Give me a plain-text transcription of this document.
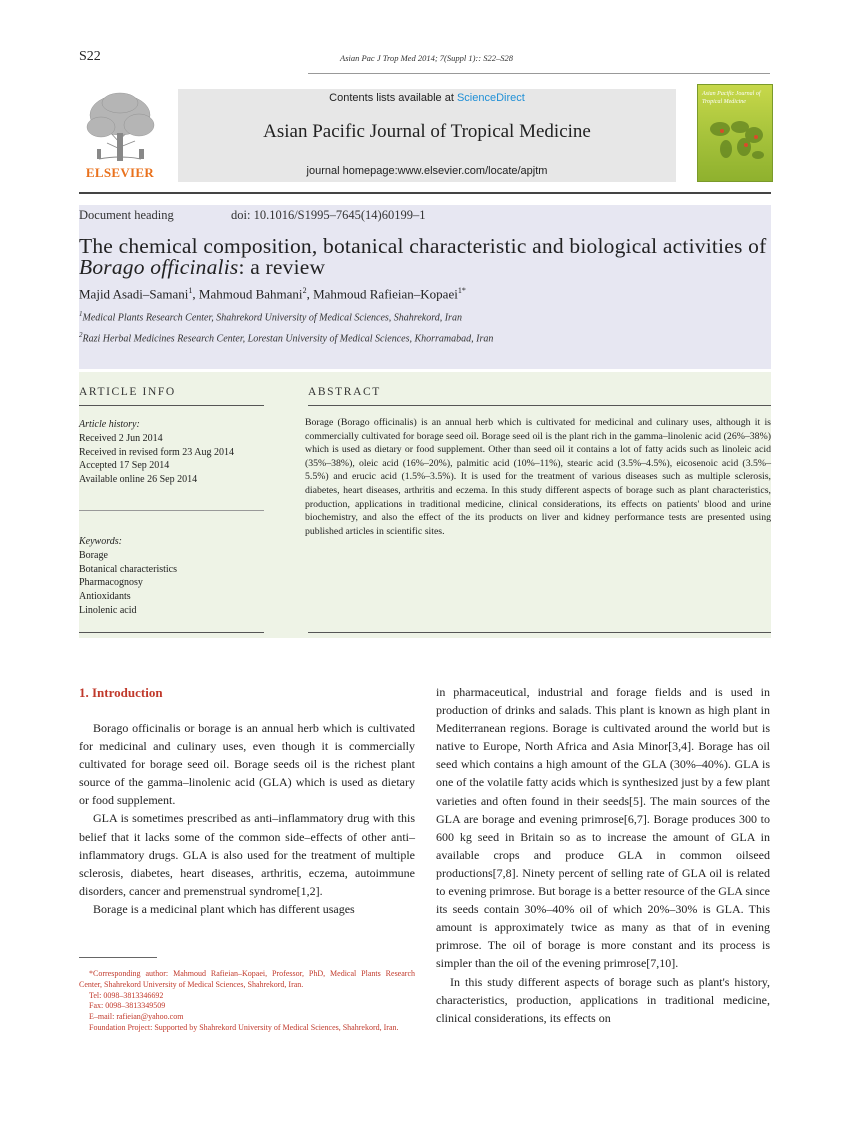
S22	Asian Pac J Trop Med 2014; 7(Suppl 1):: S22–S28
ELSEVIER
Contents lists available at ScienceDirect
Asian Pacific Journal of Tropical Medicine
journal homepage:www.elsevier.com/locate/apjtm
Asian Pacific Journal of Tropical Medicine
Document heading	doi: 10.1016/S1995–7645(14)60199–1
The chemical composition, botanical characteristic and biological activities of Borago officinalis: a review
Majid Asadi–Samani$^1$, Mahmoud Bahmani$^2$, Mahmoud Rafieian–Kopaei$^{1*}$
$^1$Medical Plants Research Center, Shahrekord University of Medical Sciences, Shahrekord, Iran
$^2$Razi Herbal Medicines Research Center, Lorestan University of Medical Sciences, Khorramabad, Iran
ARTICLE INFO	ABSTRACT
Article history:
Received 2 Jun 2014
Received in revised form 23 Aug 2014
Accepted 17 Sep 2014
Available online 26 Sep 2014
Keywords:
Borage
Botanical characteristics
Pharmacognosy
Antioxidants
Linolenic acid
Borage (Borago officinalis) is an annual herb which is cultivated for medicinal and culinary uses, although it is commercially cultivated for borage seed oil. Borage seed oil is the plant rich in the gamma–linolenic acid (26%–38%) which is used as dietary or food supplement. Other than seed oil it contains a lot of fatty acids such as linoleic acid (35%–38%), oleic acid (16%–20%), palmitic acid (10%–11%), stearic acid (3.5%–4.5%), eicosenoic acid (3.5%–5.5%) and erucic acid (1.5%–3.5%). It is used for the treatment of various diseases such as multiple sclerosis, diabetes, heart diseases, arthritis and eczema. In this study different aspects of borage such as plant characteristics, production, applications in traditional medicine, clinical considerations, its effects on patients' blood and urine biochemistry, and also the effect of the its products on liver and kidney performance tests are presented using published articles in scientific sites.
1. Introduction

Borago officinalis or borage is an annual herb which is cultivated for medicinal and culinary uses, even though it is commercially cultivated for borage seed oil. Borage seeds oil is the richest plant source of the gamma–linolenic acid (GLA) which is used as dietary or food supplement.

GLA is sometimes prescribed as anti–inflammatory drug with this belief that it lacks some of the common side–effects of other anti–inflammatory drugs. GLA is also used for the treatment of multiple sclerosis, diabetes, heart diseases, arthritis, eczema, autoimmune disorders, cancer and premenstrual syndrome[1,2].

Borage is a medicinal plant which has different usages

in pharmaceutical, industrial and forage fields and is used in production of drinks and salads. This plant is known as high plant in Mediterranean regions. Borage is cultivated around the world but is native to Europe, North Africa and Asia Minor[3,4]. Borage has oil seed which contains a high amount of the GLA (30%–40%). GLA is one of the volatile fatty acids which is synthesized just by a few plant varieties and often found in their seeds[5]. The main sources of the GLA are borage and evening primrose[6,7]. Borage produces 300 to 600 kg seed in Britain so as to increase the amount of GLA in available crops and produce GLA in common oilseed productions[7,8]. Ninety percent of selling rate of GLA oil is related to evening primrose. But borage is a better resource of the GLA since its seeds contain 30%–40% oil of which 20%–30% is GLA. This amount is approximately twice as many as that of in evening primrose. The oil of borage is more constant and its process is simpler than the oil of the evening primrose[7,10].

In this study different aspects of borage such as plant's history, characteristics, production, applications in traditional medicine, clinical considerations, its effects on

*Corresponding author: Mahmoud Rafieian–Kopaei, Professor, PhD, Medical Plants Research Center, Shahrekord University of Medical Sciences, Shahrekord, Iran.

Tel: 0098–3813346692

Fax: 0098–3813349509

E–mail: rafieian@yahoo.com

Foundation Project: Supported by Shahrekord University of Medical Sciences, Shahrekord, Iran.
